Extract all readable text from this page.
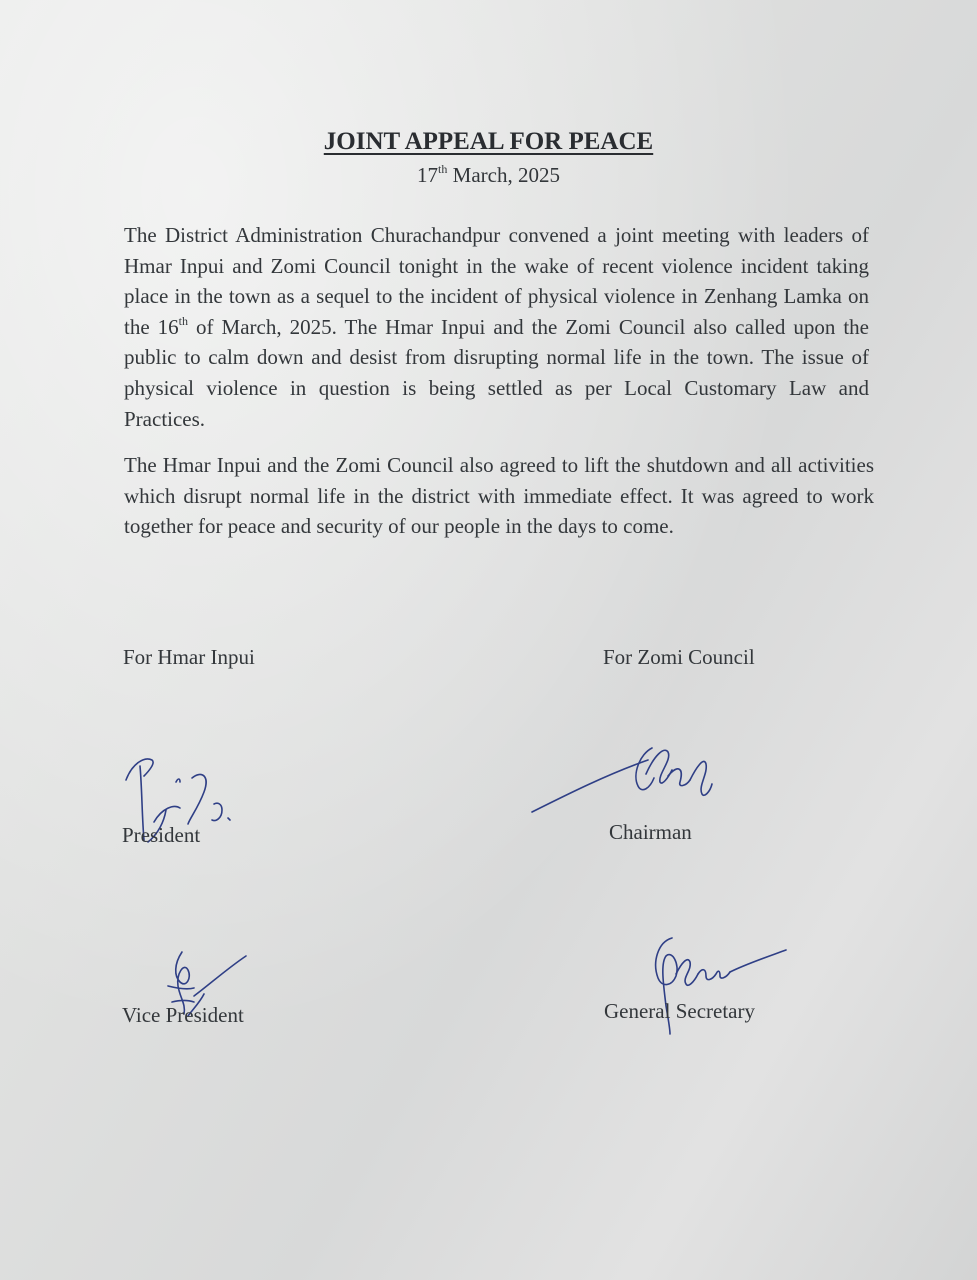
JOINT APPEAL FOR PEACE
17th March, 2025

The District Administration Churachandpur convened a joint meeting with leaders of Hmar Inpui and Zomi Council tonight in the wake of recent violence incident taking place in the town as a sequel to the incident of physical violence in Zenhang Lamka on the 16th of March, 2025. The Hmar Inpui and the Zomi Council also called upon the public to calm down and desist from disrupting normal life in the town. The issue of physical violence in question is being settled as per Local Customary Law and Practices.

The Hmar Inpui and the Zomi Council also agreed to lift the shutdown and all activities which disrupt normal life in the district with immediate effect. It was agreed to work together for peace and security of our people in the days to come.

For Hmar Inpui	For Zomi Council
President	Chairman
Vice President	General Secretary
